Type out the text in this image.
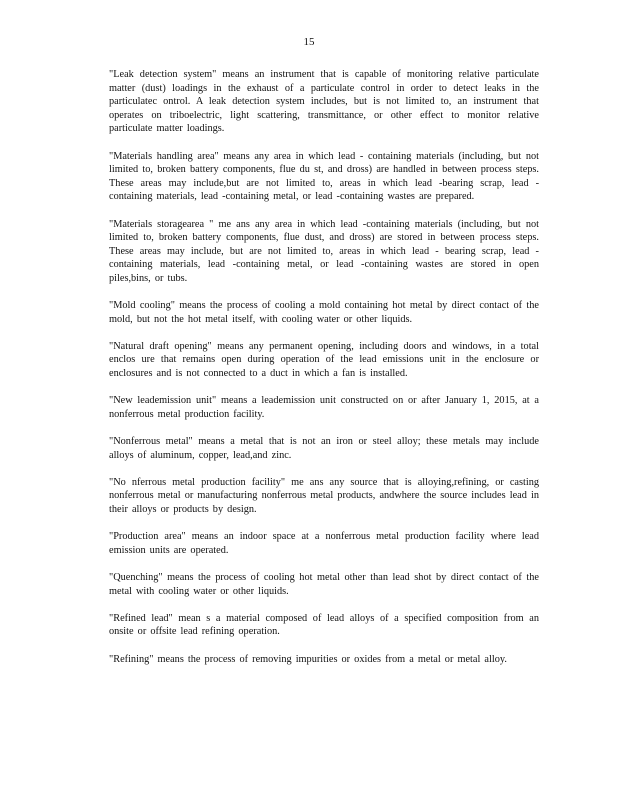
15

"Leak detection system" means an instrument that is capable of monitoring relative particulate matter (dust) loadings in the exhaust of a particulate control in order to detect leaks in the particulatec ontrol. A leak detection system includes, but is not limited to, an instrument that operates on triboelectric, light scattering, transmittance, or other effect to monitor relative particulate matter loadings.

"Materials handling area" means any area in which lead - containing materials (including, but not limited to, broken battery components, flue du st, and dross) are handled in between process steps. These areas may include,but are not limited to, areas in which lead -bearing scrap, lead - containing materials, lead -containing metal, or lead -containing wastes are prepared.

"Materials storagearea " me ans any area in which lead -containing materials (including, but not limited to, broken battery components, flue dust, and dross) are stored in between process steps. These areas may include, but are not limited to, areas in which lead - bearing scrap, lead - containing materials, lead -containing metal, or lead -containing wastes are stored in open piles,bins, or tubs.

"Mold cooling" means the process of cooling a mold containing hot metal by direct contact of the mold, but not the hot metal itself, with cooling water or other liquids.

"Natural draft opening" means any permanent opening, including doors and windows, in a total enclos ure that remains open during operation of the lead emissions unit in the enclosure or enclosures and is not connected to a duct in which a fan is installed.

"New leademission unit" means a leademission unit constructed on or after January 1, 2015, at a nonferrous metal production facility.

"Nonferrous metal" means a metal that is not an iron or steel alloy; these metals may include alloys of aluminum, copper, lead,and zinc.

"No nferrous metal production facility" me ans any source that is alloying,refining, or casting nonferrous metal or manufacturing nonferrous metal products, andwhere the source includes lead in their alloys or products by design.

"Production area" means an indoor space at a nonferrous metal production facility where lead emission units are operated.

"Quenching" means the process of cooling hot metal other than lead shot by direct contact of the metal with cooling water or other liquids.

"Refined lead" mean s a material composed of lead alloys of a specified composition from an onsite or offsite lead refining operation.

"Refining" means the process of removing impurities or oxides from a metal or metal alloy.
